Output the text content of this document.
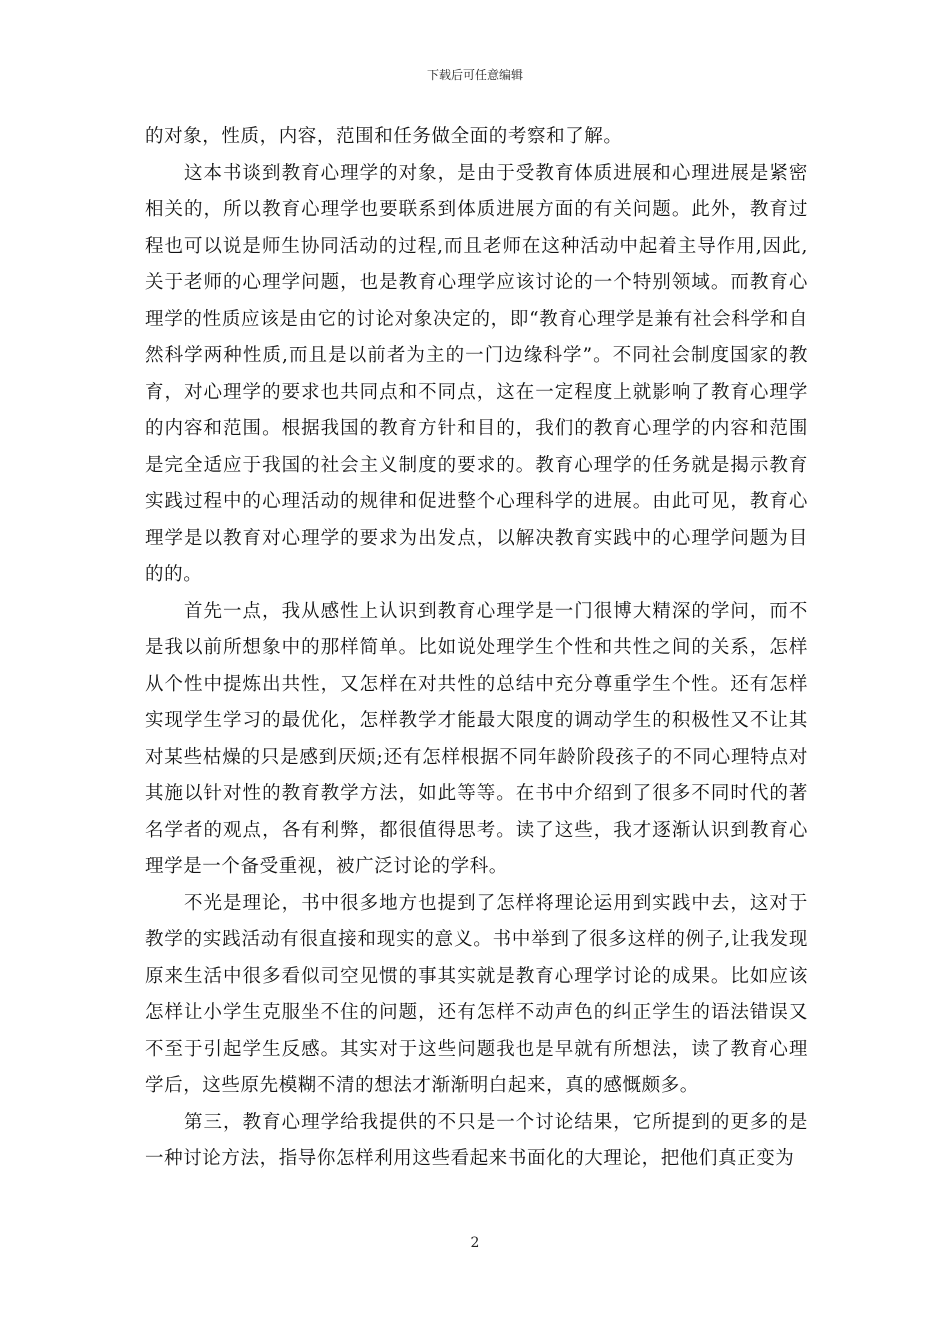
下载后可任意编辑

的对象，性质，内容，范围和任务做全面的考察和了解。

这本书谈到教育心理学的对象，是由于受教育体质进展和心理进展是紧密相关的，所以教育心理学也要联系到体质进展方面的有关问题。此外，教育过程也可以说是师生协同活动的过程,而且老师在这种活动中起着主导作用,因此,关于老师的心理学问题，也是教育心理学应该讨论的一个特别领域。而教育心理学的性质应该是由它的讨论对象决定的，即“教育心理学是兼有社会科学和自然科学两种性质,而且是以前者为主的一门边缘科学”。不同社会制度国家的教育，对心理学的要求也共同点和不同点，这在一定程度上就影响了教育心理学的内容和范围。根据我国的教育方针和目的，我们的教育心理学的内容和范围是完全适应于我国的社会主义制度的要求的。教育心理学的任务就是揭示教育实践过程中的心理活动的规律和促进整个心理科学的进展。由此可见，教育心理学是以教育对心理学的要求为出发点，以解决教育实践中的心理学问题为目的的。

首先一点，我从感性上认识到教育心理学是一门很博大精深的学问，而不是我以前所想象中的那样简单。比如说处理学生个性和共性之间的关系，怎样从个性中提炼出共性，又怎样在对共性的总结中充分尊重学生个性。还有怎样实现学生学习的最优化，怎样教学才能最大限度的调动学生的积极性又不让其对某些枯燥的只是感到厌烦;还有怎样根据不同年龄阶段孩子的不同心理特点对其施以针对性的教育教学方法，如此等等。在书中介绍到了很多不同时代的著名学者的观点，各有利弊，都很值得思考。读了这些，我才逐渐认识到教育心理学是一个备受重视，被广泛讨论的学科。

不光是理论，书中很多地方也提到了怎样将理论运用到实践中去，这对于教学的实践活动有很直接和现实的意义。书中举到了很多这样的例子,让我发现原来生活中很多看似司空见惯的事其实就是教育心理学讨论的成果。比如应该怎样让小学生克服坐不住的问题，还有怎样不动声色的纠正学生的语法错误又不至于引起学生反感。其实对于这些问题我也是早就有所想法，读了教育心理学后，这些原先模糊不清的想法才渐渐明白起来，真的感慨颇多。

第三，教育心理学给我提供的不只是一个讨论结果，它所提到的更多的是一种讨论方法，指导你怎样利用这些看起来书面化的大理论，把他们真正变为

2
